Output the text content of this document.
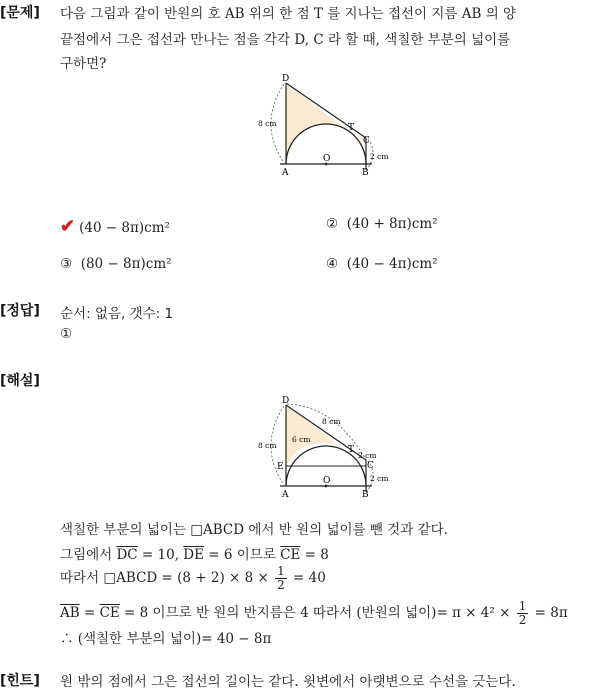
[문제] 다음 그림과 같이 반원의 호 AB 위의 한 점 T 를 지나는 접선이 지름 AB 의 양
끝점에서 그은 접선과 만나는 점을 각각 D, C 라 할 때, 색칠한 부분의 넓이를
구하면?
D
T
C
O
A	B
8 cm
2 cm
✔ (40 − 8π)cm²	② (40 + 8π)cm²
③ (80 − 8π)cm²	④ (40 − 4π)cm²
[정답] 순서: 없음, 갯수: 1
①
[해설]
D
T
C
E
O
A	B
8 cm
8 cm
6 cm
2 cm
2 cm
색칠한 부분의 넓이는 □ABCD 에서 반 원의 넓이를 뺀 것과 같다.
그림에서 $\overline{DC} = 10$, $\overline{DE} = 6$ 이므로 $\overline{CE} = 8$
따라서 □ABCD = $(8 + 2) \times 8 \times \frac{1}{2} = 40$
$\overline{AB} = \overline{CE} = 8$ 이므로 반 원의 반지름은 4 따라서 (반원의 넓이)= $\pi \times 4^2 \times \frac{1}{2} = 8\pi$
∴ (색칠한 부분의 넓이)= 40 − 8π
[힌트] 원 밖의 점에서 그은 접선의 길이는 같다. 윗변에서 아랫변으로 수선을 긋는다.
